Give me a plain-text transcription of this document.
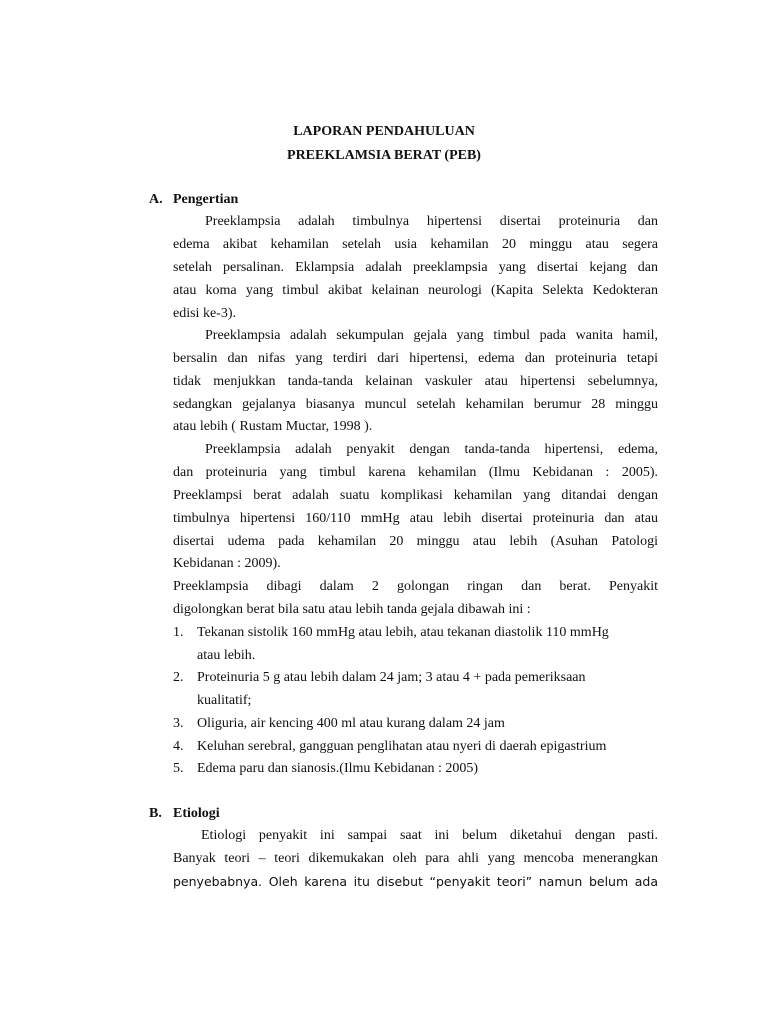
LAPORAN PENDAHULUAN
PREEKLAMSIA BERAT (PEB)
A. Pengertian
Preeklampsia adalah timbulnya hipertensi disertai proteinuria dan
edema akibat kehamilan setelah usia kehamilan 20 minggu atau segera
setelah persalinan. Eklampsia adalah preeklampsia yang disertai kejang dan
atau koma yang timbul akibat kelainan neurologi (Kapita Selekta Kedokteran
edisi ke-3).
Preeklampsia adalah sekumpulan gejala yang timbul pada wanita hamil,
bersalin dan nifas yang terdiri dari hipertensi, edema dan proteinuria tetapi
tidak menjukkan tanda-tanda kelainan vaskuler atau hipertensi sebelumnya,
sedangkan gejalanya biasanya muncul setelah kehamilan berumur 28 minggu
atau lebih ( Rustam Muctar, 1998 ).
Preeklampsia adalah penyakit dengan tanda-tanda hipertensi, edema,
dan proteinuria yang timbul karena kehamilan (Ilmu Kebidanan : 2005).
Preeklampsi berat adalah suatu komplikasi kehamilan yang ditandai dengan
timbulnya hipertensi 160/110 mmHg atau lebih disertai proteinuria dan atau
disertai udema pada kehamilan 20 minggu atau lebih (Asuhan Patologi
Kebidanan : 2009).
Preeklampsia dibagi dalam 2 golongan ringan dan berat. Penyakit
digolongkan berat bila satu atau lebih tanda gejala dibawah ini :
1. Tekanan sistolik 160 mmHg atau lebih, atau tekanan diastolik 110 mmHg
atau lebih.
2. Proteinuria 5 g atau lebih dalam 24 jam; 3 atau 4 + pada pemeriksaan
kualitatif;
3. Oliguria, air kencing 400 ml atau kurang dalam 24 jam
4. Keluhan serebral, gangguan penglihatan atau nyeri di daerah epigastrium
5. Edema paru dan sianosis.(Ilmu Kebidanan : 2005)
B. Etiologi
Etiologi penyakit ini sampai saat ini belum diketahui dengan pasti.
Banyak teori – teori dikemukakan oleh para ahli yang mencoba menerangkan
penyebabnya. Oleh karena itu disebut “penyakit teori” namun belum ada
